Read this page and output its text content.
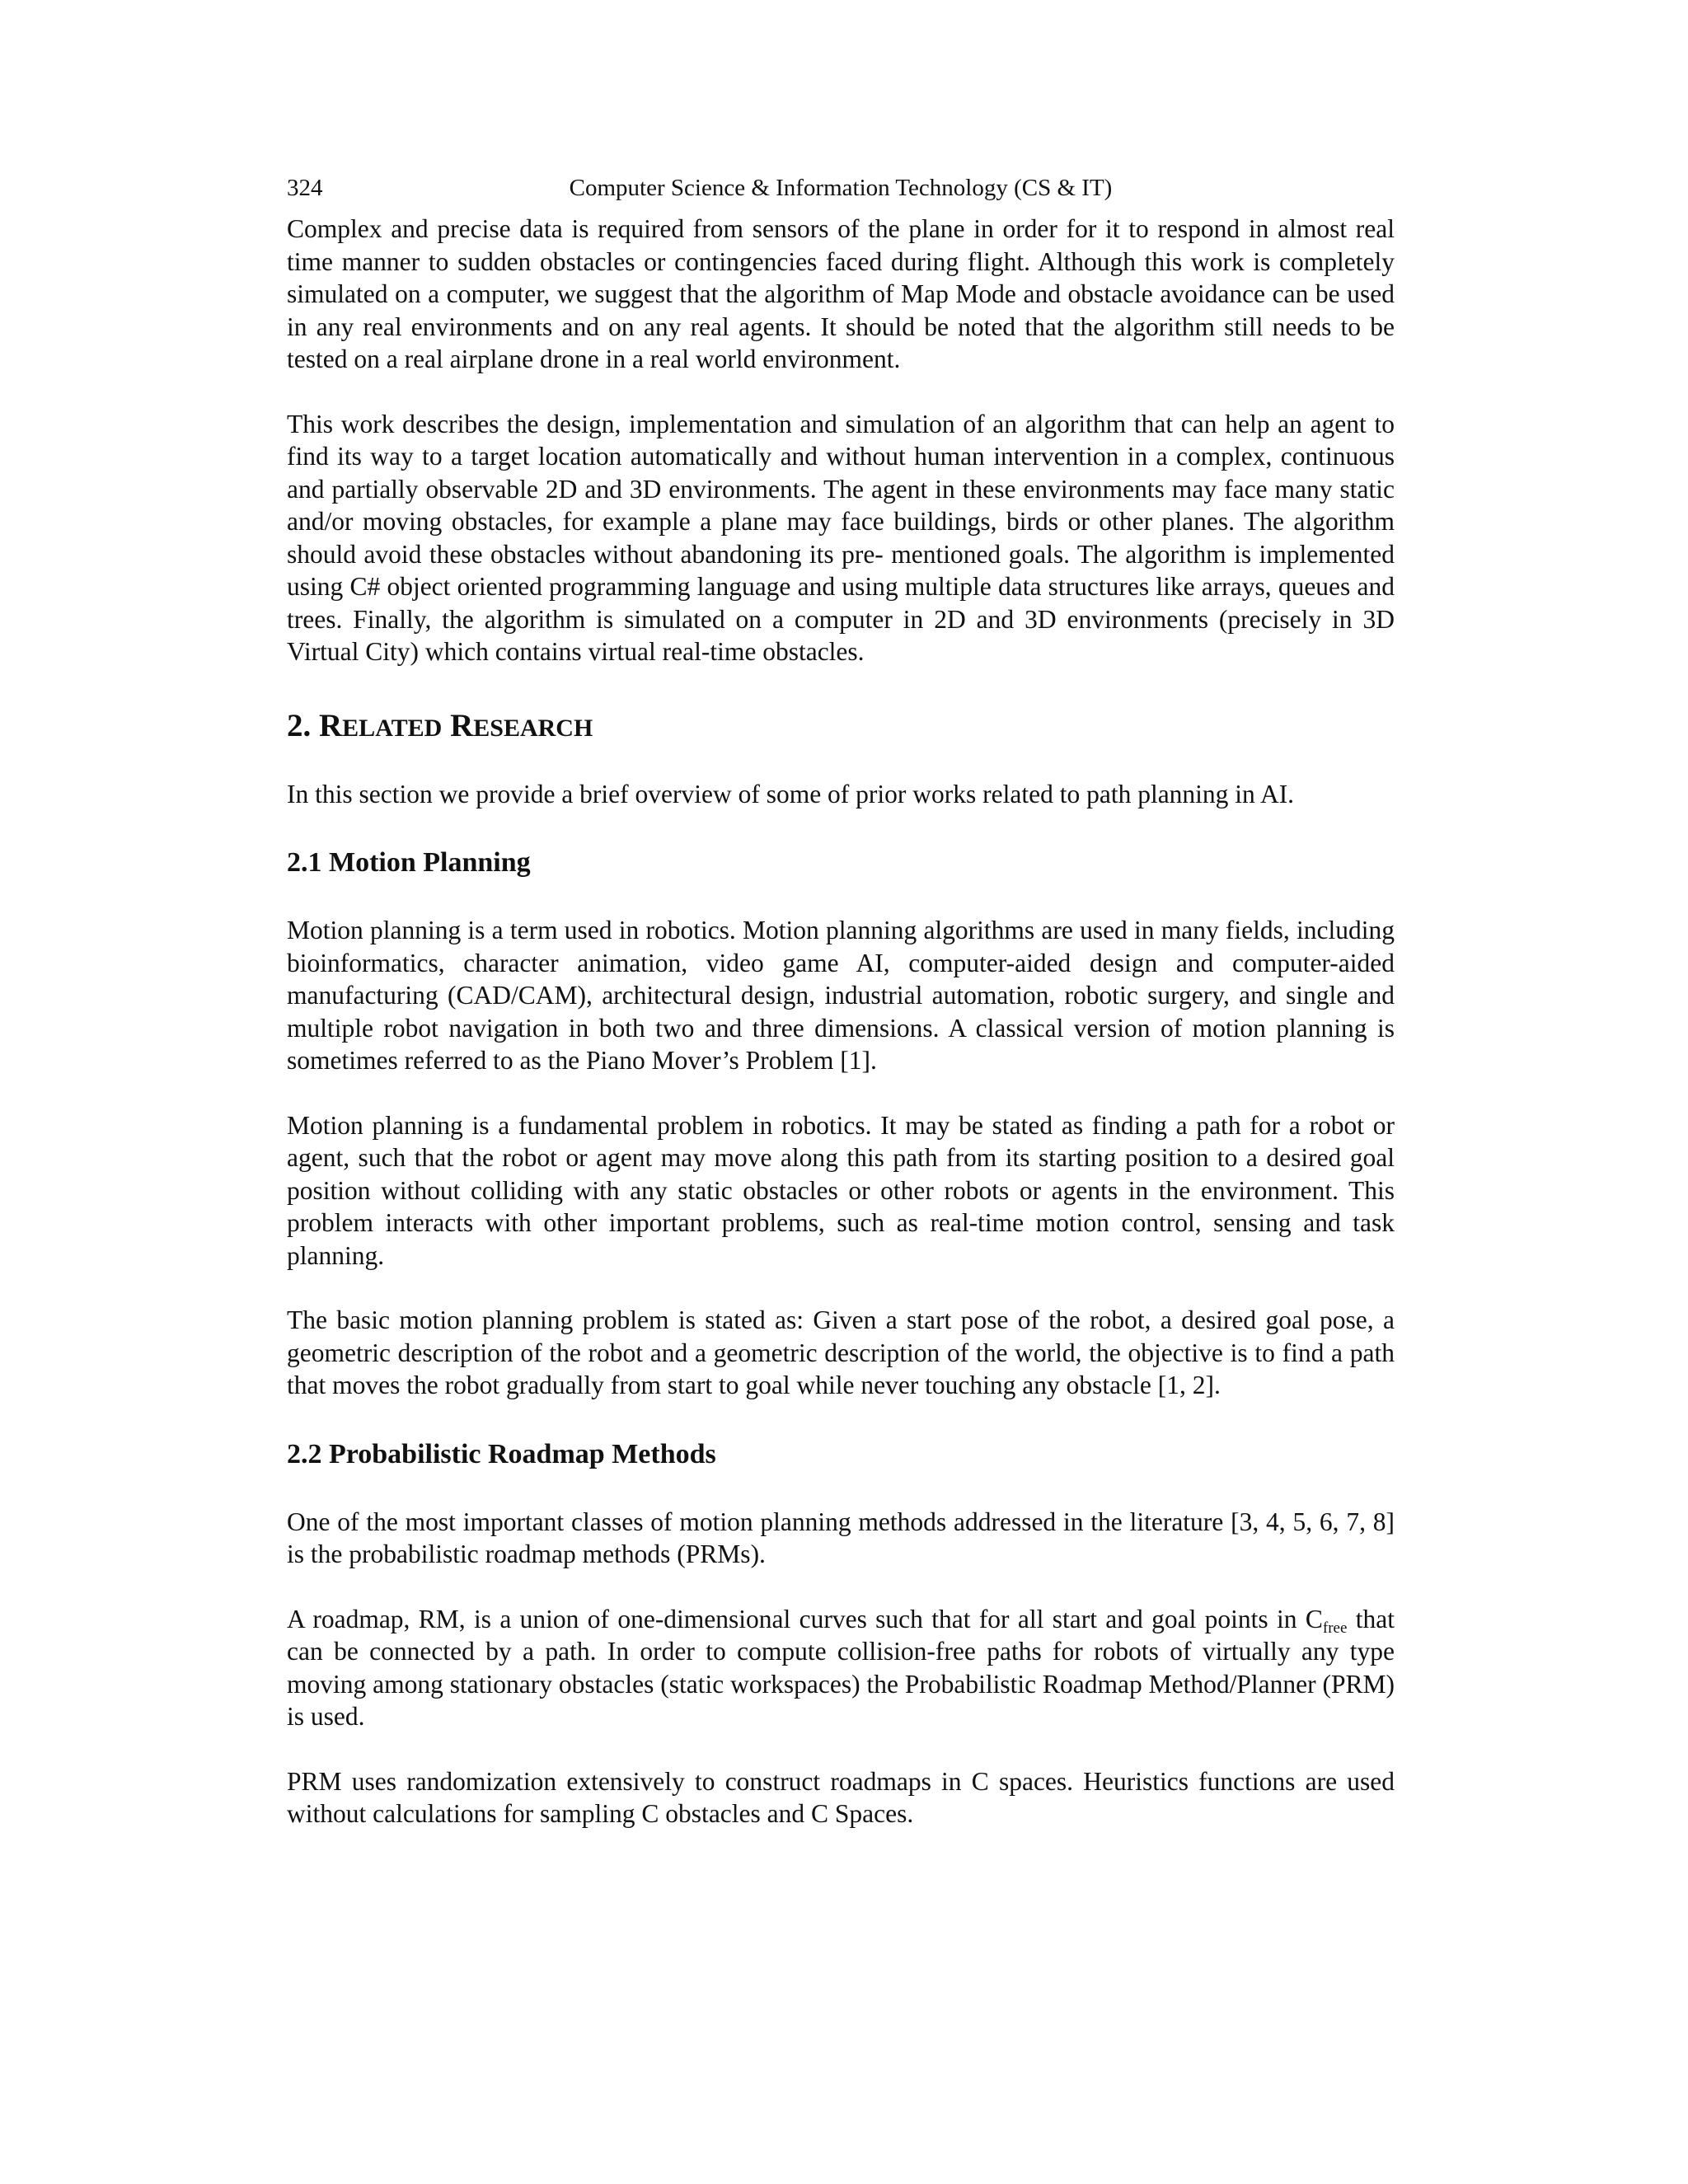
324	Computer Science & Information Technology (CS & IT)

Complex and precise data is required from sensors of the plane in order for it to respond in almost real time manner to sudden obstacles or contingencies faced during flight. Although this work is completely simulated on a computer, we suggest that the algorithm of Map Mode and obstacle avoidance can be used in any real environments and on any real agents. It should be noted that the algorithm still needs to be tested on a real airplane drone in a real world environment.

This work describes the design, implementation and simulation of an algorithm that can help an agent to find its way to a target location automatically and without human intervention in a complex, continuous and partially observable 2D and 3D environments. The agent in these environments may face many static and/or moving obstacles, for example a plane may face buildings, birds or other planes. The algorithm should avoid these obstacles without abandoning its pre- mentioned goals. The algorithm is implemented using C# object oriented programming language and using multiple data structures like arrays, queues and trees. Finally, the algorithm is simulated on a computer in 2D and 3D environments (precisely in 3D Virtual City) which contains virtual real-time obstacles.

2. RELATED RESEARCH

In this section we provide a brief overview of some of prior works related to path planning in AI.

2.1 Motion Planning

Motion planning is a term used in robotics. Motion planning algorithms are used in many fields, including bioinformatics, character animation, video game AI, computer-aided design and computer-aided manufacturing (CAD/CAM), architectural design, industrial automation, robotic surgery, and single and multiple robot navigation in both two and three dimensions. A classical version of motion planning is sometimes referred to as the Piano Mover’s Problem [1].

Motion planning is a fundamental problem in robotics. It may be stated as finding a path for a robot or agent, such that the robot or agent may move along this path from its starting position to a desired goal position without colliding with any static obstacles or other robots or agents in the environment. This problem interacts with other important problems, such as real-time motion control, sensing and task planning.

The basic motion planning problem is stated as: Given a start pose of the robot, a desired goal pose, a geometric description of the robot and a geometric description of the world, the objective is to find a path that moves the robot gradually from start to goal while never touching any obstacle [1, 2].

2.2 Probabilistic Roadmap Methods

One of the most important classes of motion planning methods addressed in the literature [3, 4, 5, 6, 7, 8] is the probabilistic roadmap methods (PRMs).

A roadmap, RM, is a union of one-dimensional curves such that for all start and goal points in $C_{free}$ that can be connected by a path. In order to compute collision-free paths for robots of virtually any type moving among stationary obstacles (static workspaces) the Probabilistic Roadmap Method/Planner (PRM) is used.

PRM uses randomization extensively to construct roadmaps in C spaces. Heuristics functions are used without calculations for sampling C obstacles and C Spaces.
